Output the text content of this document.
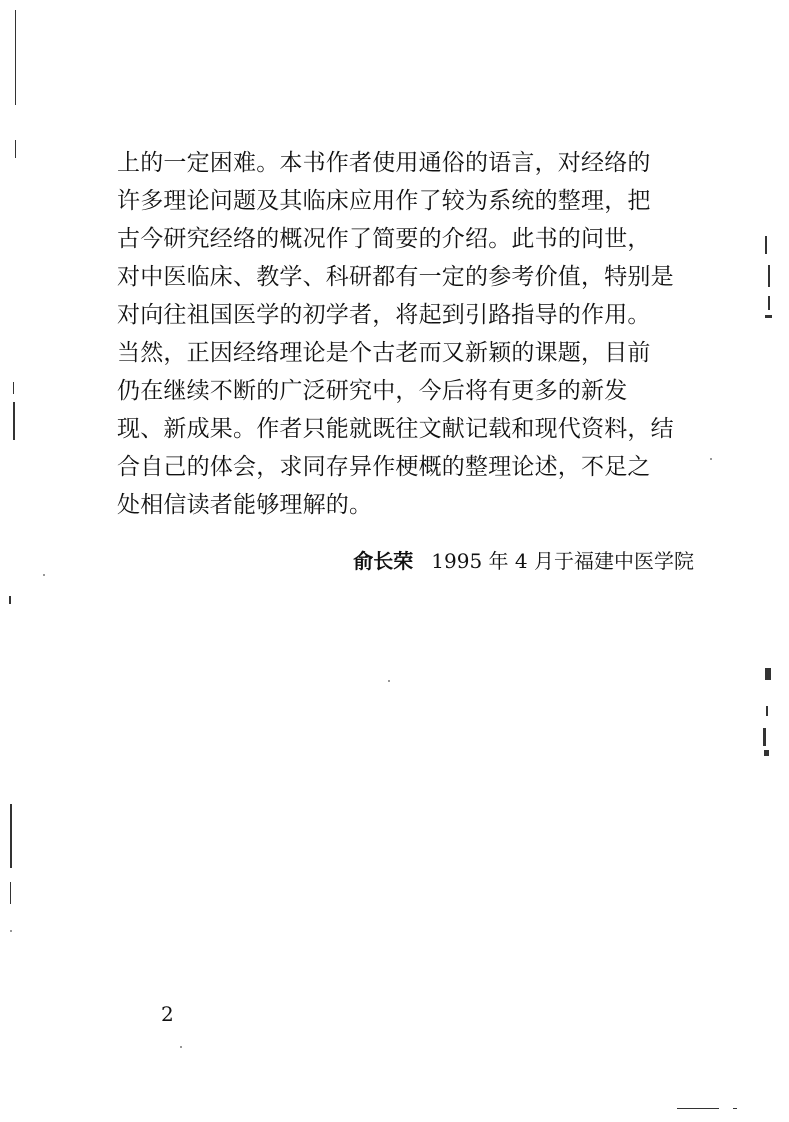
上的一定困难。本书作者使用通俗的语言，对经络的
许多理论问题及其临床应用作了较为系统的整理，把
古今研究经络的概况作了简要的介绍。此书的问世，
对中医临床、教学、科研都有一定的参考价值，特别是
对向往祖国医学的初学者，将起到引路指导的作用。
当然，正因经络理论是个古老而又新颖的课题，目前
仍在继续不断的广泛研究中，今后将有更多的新发
现、新成果。作者只能就既往文献记载和现代资料，结
合自己的体会，求同存异作梗概的整理论述，不足之
处相信读者能够理解的。
俞长荣 1995 年 4 月于福建中医学院
2
